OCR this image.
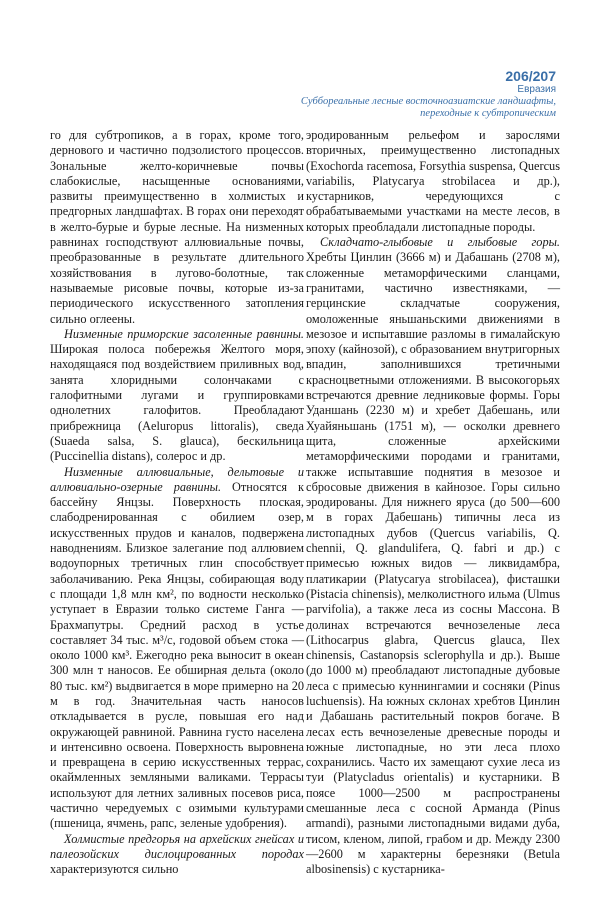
206/207
Евразия
Суббореальные лесные восточноазиатские ландшафты, переходные к субтропическим

го для субтропиков, а в горах, кроме того, дернового и частично подзолистого процессов. Зональные желто-коричневые почвы слабокислые, насыщенные основаниями, развиты преимущественно в холмистых и предгорных ландшафтах. В горах они переходят в желто-бурые и бурые лесные. На низменных равнинах господствуют аллювиальные почвы, преобразованные в результате длительного хозяйствования в лугово-болотные, так называемые рисовые почвы, которые из-за периодического искусственного затопления сильно оглеены.

Низменные приморские засоленные равнины. Широкая полоса побережья Желтого моря, находящаяся под воздействием приливных вод, занята хлоридными солончаками с галофитными лугами и группировками однолетних галофитов. Преобладают прибрежница (Aeluropus littoralis), сведа (Suaeda salsa, S. glauca), бескильница (Puccinellia distans), солерос и др.

Низменные аллювиальные, дельтовые и аллювиально-озерные равнины. Относятся к бассейну Янцзы. Поверхность плоская, слабодренированная с обилием озер, искусственных прудов и каналов, подвержена наводнениям. Близкое залегание под аллювием водоупорных третичных глин способствует заболачиванию. Река Янцзы, собирающая воду с площади 1,8 млн км², по водности несколько уступает в Евразии только системе Ганга — Брахмапутры. Средний расход в устье составляет 34 тыс. м³/с, годовой объем стока — около 1000 км³. Ежегодно река выносит в океан 300 млн т наносов. Ее обширная дельта (около 80 тыс. км²) выдвигается в море примерно на 20 м в год. Значительная часть наносов откладывается в русле, повышая его над окружающей равниной. Равнина густо населена и интенсивно освоена. Поверхность выровнена и превращена в серию искусственных террас, окаймленных земляными валиками. Террасы используют для летних заливных посевов риса, частично чередуемых с озимыми культурами (пшеница, ячмень, рапс, зеленые удобрения).

Холмистые предгорья на архейских гнейсах и палеозойских дислоцированных породах характеризуются сильно

эродированным рельефом и зарослями вторичных, преимущественно листопадных (Exochorda racemosa, Forsythia suspensa, Quercus variabilis, Platycarya strobilacea и др.), кустарников, чередующихся с обрабатываемыми участками на месте лесов, в которых преобладали листопадные породы.

Складчато-глыбовые и глыбовые горы. Хребты Цинлин (3666 м) и Дабашань (2708 м), сложенные метаморфическими сланцами, гранитами, частично известняками, — герцинские складчатые сооружения, омоложенные яньшаньскими движениями в мезозое и испытавшие разломы в гималайскую эпоху (кайнозой), с образованием внутригорных впадин, заполнившихся третичными красноцветными отложениями. В высокогорьях встречаются древние ледниковые формы. Горы Уданшань (2230 м) и хребет Дабешань, или Хуайяньшань (1751 м), — осколки древнего щита, сложенные архейскими метаморфическими породами и гранитами, также испытавшие поднятия в мезозое и сбросовые движения в кайнозое. Горы сильно эродированы. Для нижнего яруса (до 500—600 м в горах Дабешань) типичны леса из листопадных дубов (Quercus variabilis, Q. chennii, Q. glandulifera, Q. fabri и др.) с примесью южных видов — ликвидамбра, платикарии (Platycarya strobilacea), фисташки (Pistacia chinensis), мелколистного ильма (Ulmus parvifolia), а также леса из сосны Массона. В долинах встречаются вечнозеленые леса (Lithocarpus glabra, Quercus glauca, Ilex chinensis, Castanopsis sclerophylla и др.). Выше (до 1000 м) преобладают листопадные дубовые леса с примесью куннингамии и сосняки (Pinus luchuensis). На южных склонах хребтов Цинлин и Дабашань растительный покров богаче. В лесах есть вечнозеленые древесные породы и южные листопадные, но эти леса плохо сохранились. Часто их замещают сухие леса из туи (Platycladus orientalis) и кустарники. В поясе 1000—2500 м распространены смешанные леса с сосной Арманда (Pinus armandi), разными листопадными видами дуба, тисом, кленом, липой, грабом и др. Между 2300—2600 м характерны березняки (Betula albosinensis) с кустарника-
